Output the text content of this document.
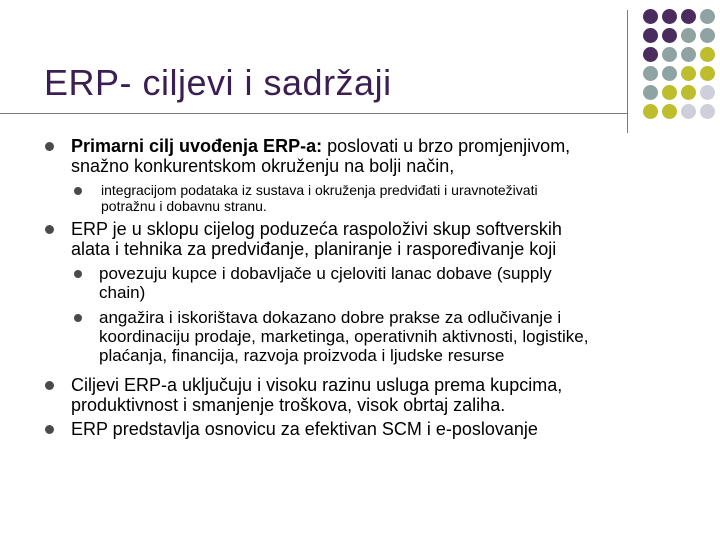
ERP- ciljevi i sadržaji
Primarni cilj uvođenja ERP-a: poslovati u brzo promjenjivom,
snažno konkurentskom okruženju na bolji način,
integracijom podataka iz sustava i okruženja predviđati i uravnoteživati
potražnu i dobavnu stranu.
ERP je u sklopu cijelog poduzeća raspoloživi skup softverskih
alata i tehnika za predviđanje, planiranje i raspoređivanje koji
povezuju kupce i dobavljače u cjeloviti lanac dobave (supply
chain)
angažira i iskorištava dokazano dobre prakse za odlučivanje i
koordinaciju prodaje, marketinga, operativnih aktivnosti, logistike,
plaćanja, financija, razvoja proizvoda i ljudske resurse
Ciljevi ERP-a uključuju i visoku razinu usluga prema kupcima,
produktivnost i smanjenje troškova, visok obrtaj zaliha.
ERP predstavlja osnovicu za efektivan SCM i e-poslovanje
